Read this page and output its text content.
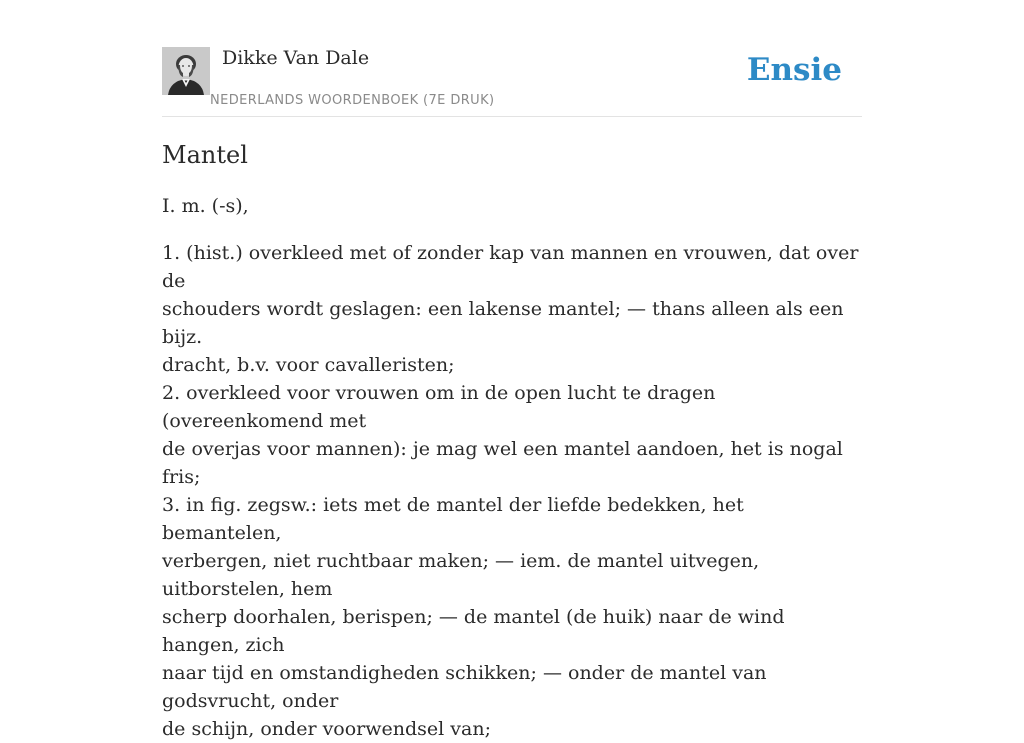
Dikke Van Dale
NEDERLANDS WOORDENBOEK (7E DRUK)
Ensie
Mantel

I. m. (-s),

1. (hist.) overkleed met of zonder kap van mannen en vrouwen, dat over de
schouders wordt geslagen: een lakense mantel; — thans alleen als een bijz.
dracht, b.v. voor cavalleristen;
2. overkleed voor vrouwen om in de open lucht te dragen (overeenkomend met
de overjas voor mannen): je mag wel een mantel aandoen, het is nogal fris;
3. in fig. zegsw.: iets met de mantel der liefde bedekken, het bemantelen,
verbergen, niet ruchtbaar maken; — iem. de mantel uitvegen, uitborstelen, hem
scherp doorhalen, berispen; — de mantel (de huik) naar de wind hangen, zich
naar tijd en omstandigheden schikken; — onder de mantel van godsvrucht, onder
de schijn, onder voorwendsel van;
